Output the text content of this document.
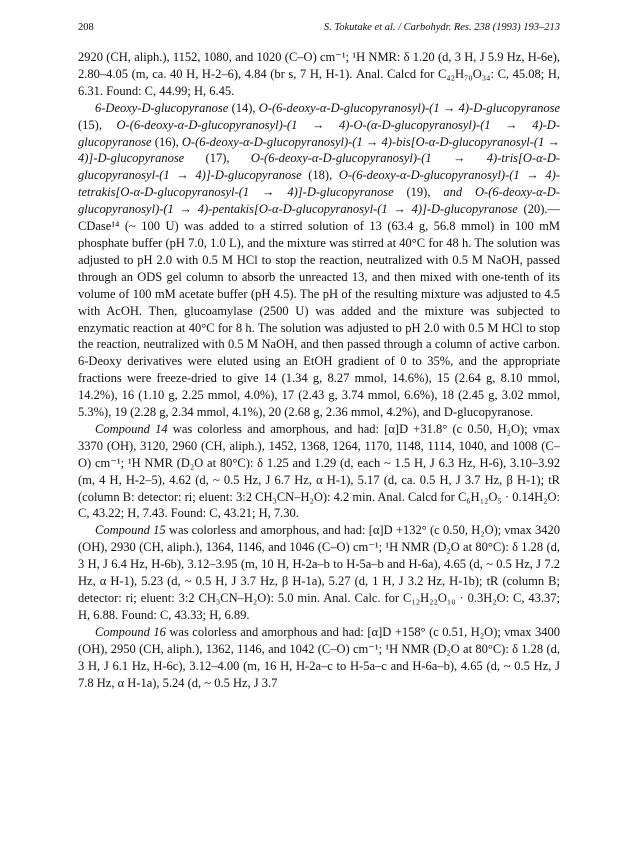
208	S. Tokutake et al. / Carbohydr. Res. 238 (1993) 193–213

2920 (CH, aliph.), 1152, 1080, and 1020 (C–O) cm⁻¹; ¹H NMR: δ 1.20 (d, 3 H, J 5.9 Hz, H-6e), 2.80–4.05 (m, ca. 40 H, H-2–6), 4.84 (br s, 7 H, H-1). Anal. Calcd for C₄₂H₇₀O₃₄: C, 45.08; H, 6.31. Found: C, 44.99; H, 6.45.

6-Deoxy-D-glucopyranose (14), O-(6-deoxy-α-D-glucopyranosyl)-(1 → 4)-D-glucopyranose (15), O-(6-deoxy-α-D-glucopyranosyl)-(1 → 4)-O-(α-D-glucopyranosyl)-(1 → 4)-D-glucopyranose (16), O-(6-deoxy-α-D-glucopyranosyl)-(1 → 4)-bis[O-α-D-glucopyranosyl-(1 → 4)]-D-glucopyranose (17), O-(6-deoxy-α-D-glucopyranosyl)-(1 → 4)-tris[O-α-D-glucopyranosyl-(1 → 4)]-D-glucopyranose (18), O-(6-deoxy-α-D-glucopyranosyl)-(1 → 4)-tetrakis[O-α-D-glucopyranosyl-(1 → 4)]-D-glucopyranose (19), and O-(6-deoxy-α-D-glucopyranosyl)-(1 → 4)-pentakis[O-α-D-glucopyranosyl-(1 → 4)]-D-glucopyranose (20).—CDase¹⁴ (~ 100 U) was added to a stirred solution of 13 (63.4 g, 56.8 mmol) in 100 mM phosphate buffer (pH 7.0, 1.0 L), and the mixture was stirred at 40°C for 48 h. The solution was adjusted to pH 2.0 with 0.5 M HCl to stop the reaction, neutralized with 0.5 M NaOH, passed through an ODS gel column to absorb the unreacted 13, and then mixed with one-tenth of its volume of 100 mM acetate buffer (pH 4.5). The pH of the resulting mixture was adjusted to 4.5 with AcOH. Then, glucoamylase (2500 U) was added and the mixture was subjected to enzymatic reaction at 40°C for 8 h. The solution was adjusted to pH 2.0 with 0.5 M HCl to stop the reaction, neutralized with 0.5 M NaOH, and then passed through a column of active carbon. 6-Deoxy derivatives were eluted using an EtOH gradient of 0 to 35%, and the appropriate fractions were freeze-dried to give 14 (1.34 g, 8.27 mmol, 14.6%), 15 (2.64 g, 8.10 mmol, 14.2%), 16 (1.10 g, 2.25 mmol, 4.0%), 17 (2.43 g, 3.74 mmol, 6.6%), 18 (2.45 g, 3.02 mmol, 5.3%), 19 (2.28 g, 2.34 mmol, 4.1%), 20 (2.68 g, 2.36 mmol, 4.2%), and D-glucopyranose.

Compound 14 was colorless and amorphous, and had: [α]D +31.8° (c 0.50, H₂O); νmax 3370 (OH), 3120, 2960 (CH, aliph.), 1452, 1368, 1264, 1170, 1148, 1114, 1040, and 1008 (C–O) cm⁻¹; ¹H NMR (D₂O at 80°C): δ 1.25 and 1.29 (d, each ~ 1.5 H, J 6.3 Hz, H-6), 3.10–3.92 (m, 4 H, H-2–5), 4.62 (d, ~ 0.5 Hz, J 6.7 Hz, α H-1), 5.17 (d, ca. 0.5 H, J 3.7 Hz, β H-1); tR (column B: detector: ri; eluent: 3:2 CH₃CN–H₂O): 4.2 min. Anal. Calcd for C₆H₁₂O₅ · 0.14H₂O: C, 43.22; H, 7.43. Found: C, 43.21; H, 7.30.

Compound 15 was colorless and amorphous, and had: [α]D +132° (c 0.50, H₂O); νmax 3420 (OH), 2930 (CH, aliph.), 1364, 1146, and 1046 (C–O) cm⁻¹; ¹H NMR (D₂O at 80°C): δ 1.28 (d, 3 H, J 6.4 Hz, H-6b), 3.12–3.95 (m, 10 H, H-2a–b to H-5a–b and H-6a), 4.65 (d, ~ 0.5 Hz, J 7.2 Hz, α H-1), 5.23 (d, ~ 0.5 H, J 3.7 Hz, β H-1a), 5.27 (d, 1 H, J 3.2 Hz, H-1b); tR (column B; detector: ri; eluent: 3:2 CH₃CN–H₂O): 5.0 min. Anal. Calc. for C₁₂H₂₂O₁₀ · 0.3H₂O: C, 43.37; H, 6.88. Found: C, 43.33; H, 6.89.

Compound 16 was colorless and amorphous and had: [α]D +158° (c 0.51, H₂O); νmax 3400 (OH), 2950 (CH, aliph.), 1362, 1146, and 1042 (C–O) cm⁻¹; ¹H NMR (D₂O at 80°C): δ 1.28 (d, 3 H, J 6.1 Hz, H-6c), 3.12–4.00 (m, 16 H, H-2a–c to H-5a–c and H-6a–b), 4.65 (d, ~ 0.5 Hz, J 7.8 Hz, α H-1a), 5.24 (d, ~ 0.5 Hz, J 3.7
